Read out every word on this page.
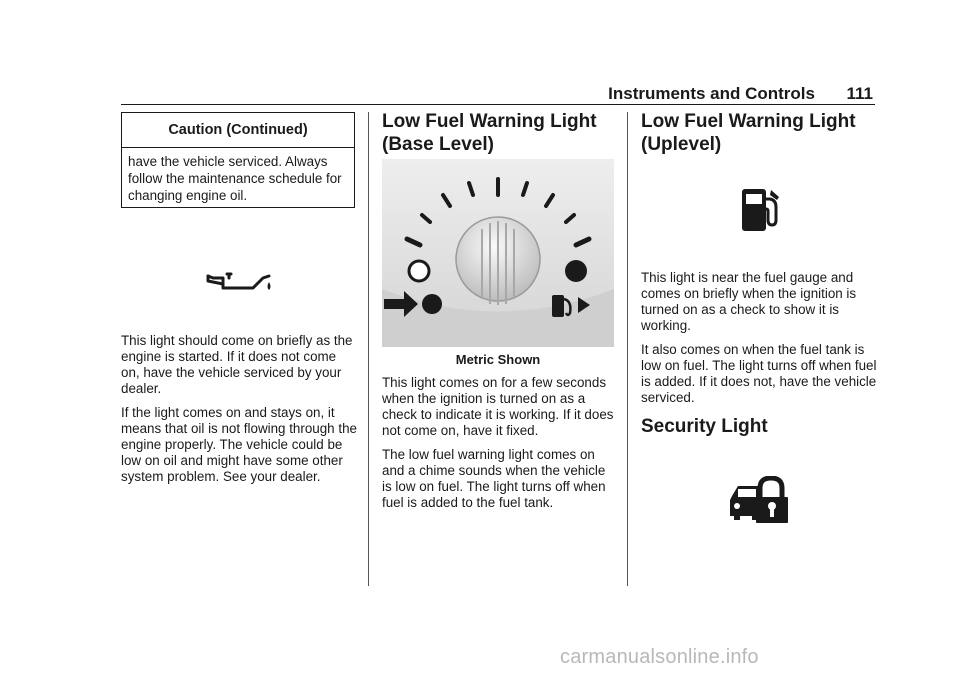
Instruments and Controls 111
Caution (Continued)
have the vehicle serviced. Always follow the maintenance schedule for changing engine oil.

This light should come on briefly as the engine is started. If it does not come on, have the vehicle serviced by your dealer.

If the light comes on and stays on, it means that oil is not flowing through the engine properly. The vehicle could be low on oil and might have some other system problem. See your dealer.

Low Fuel Warning Light (Base Level)
Metric Shown

This light comes on for a few seconds when the ignition is turned on as a check to indicate it is working. If it does not come on, have it fixed.

The low fuel warning light comes on and a chime sounds when the vehicle is low on fuel. The light turns off when fuel is added to the fuel tank.

Low Fuel Warning Light (Uplevel)

This light is near the fuel gauge and comes on briefly when the ignition is turned on as a check to show it is working.

It also comes on when the fuel tank is low on fuel. The light turns off when fuel is added. If it does not, have the vehicle serviced.

Security Light
carmanualsonline.info
